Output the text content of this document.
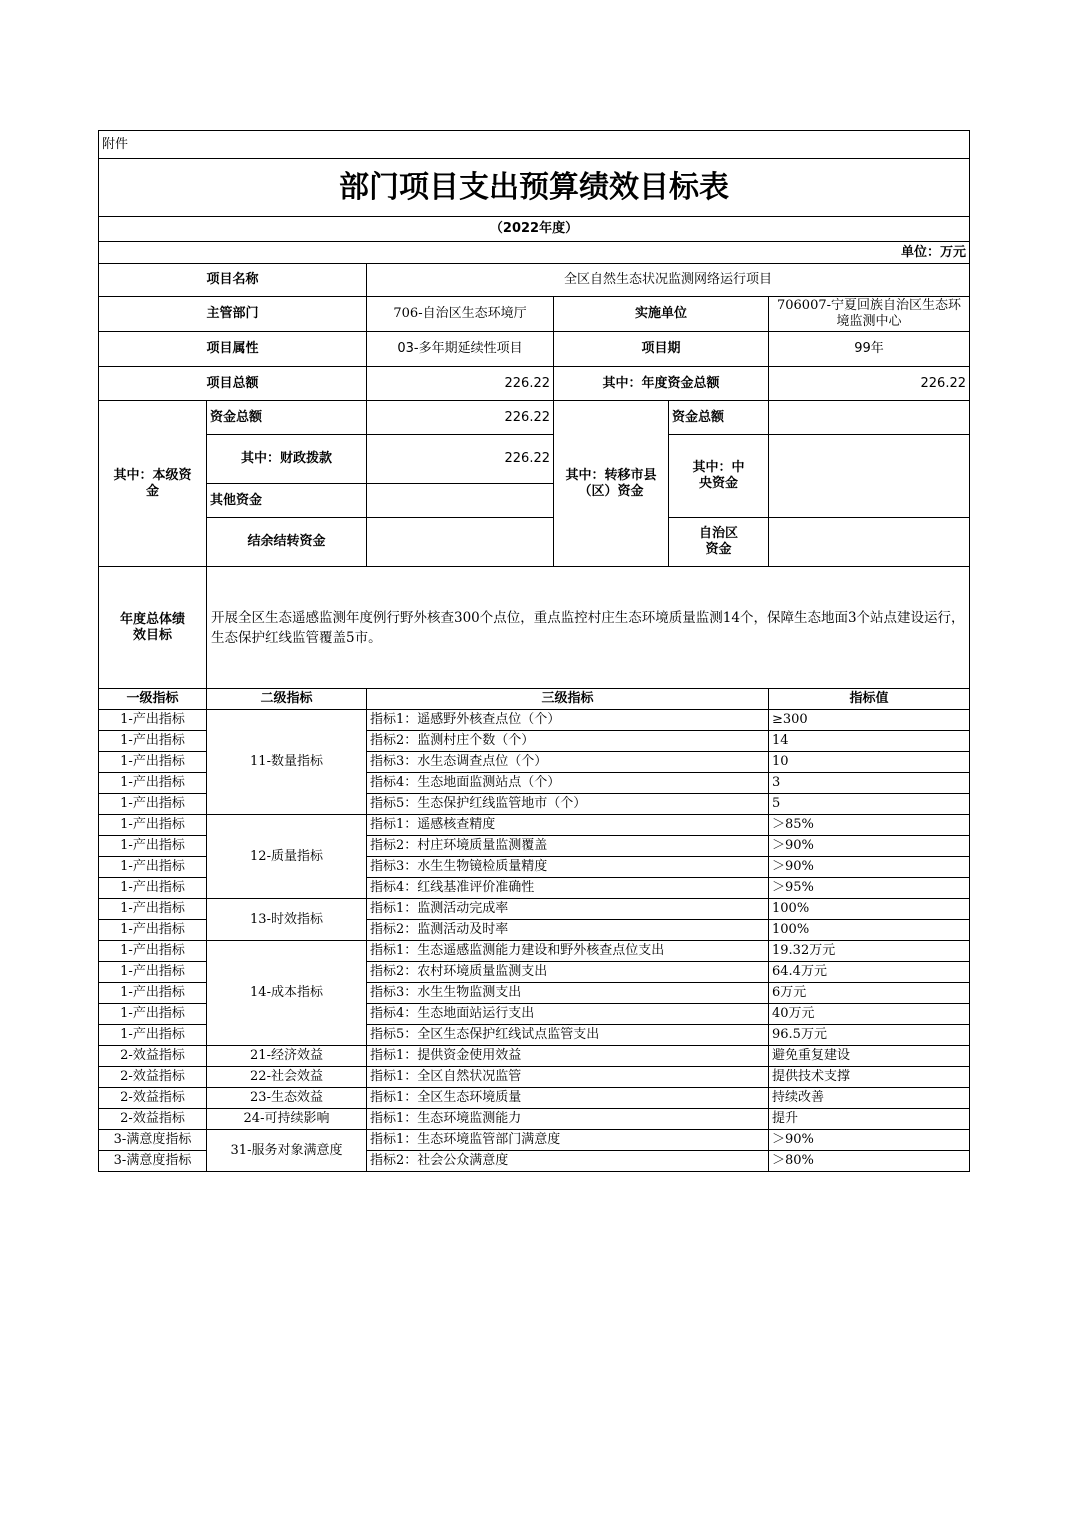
附件					
部门项目支出预算绩效目标表					
（2022年度）					
单位：万元					
项目名称		全区自然生态状况监测网络运行项目			
主管部门		706-自治区生态环境厅	实施单位		706007-宁夏回族自治区生态环境监测中心
项目属性		03-多年期延续性项目	项目期		99年
项目总额		226.22	其中：年度资金总额		226.22
其中：本级资金	资金总额	226.22	其中：转移市县（区）资金	资金总额	
	其中：财政拨款	226.22		其中：中央资金	
	其他资金				
	结余结转资金			自治区资金	
年度总体绩效目标	开展全区生态遥感监测年度例行野外核查300个点位，重点监控村庄生态环境质量监测14个，保障生态地面3个站点建设运行，生态保护红线监管覆盖5市。				
一级指标	二级指标	三级指标			指标值
1-产出指标	11-数量指标	指标1：遥感野外核查点位（个）			≥300
1-产出指标		指标2：监测村庄个数（个）			14
1-产出指标		指标3：水生态调查点位（个）			10
1-产出指标		指标4：生态地面监测站点（个）			3
1-产出指标		指标5：生态保护红线监管地市（个）			5
1-产出指标	12-质量指标	指标1：遥感核查精度			＞85%
1-产出指标		指标2：村庄环境质量监测覆盖			＞90%
1-产出指标		指标3：水生生物镜检质量精度			＞90%
1-产出指标		指标4：红线基准评价准确性			＞95%
1-产出指标	13-时效指标	指标1：监测活动完成率			100%
1-产出指标		指标2：监测活动及时率			100%
1-产出指标	14-成本指标	指标1：生态遥感监测能力建设和野外核查点位支出			19.32万元
1-产出指标		指标2：农村环境质量监测支出			64.4万元
1-产出指标		指标3：水生生物监测支出			6万元
1-产出指标		指标4：生态地面站运行支出			40万元
1-产出指标		指标5：全区生态保护红线试点监管支出			96.5万元
2-效益指标	21-经济效益	指标1：提供资金使用效益			避免重复建设
2-效益指标	22-社会效益	指标1：全区自然状况监管			提供技术支撑
2-效益指标	23-生态效益	指标1：全区生态环境质量			持续改善
2-效益指标	24-可持续影响	指标1：生态环境监测能力			提升
3-满意度指标	31-服务对象满意度	指标1：生态环境监管部门满意度			＞90%
3-满意度指标		指标2：社会公众满意度			＞80%
